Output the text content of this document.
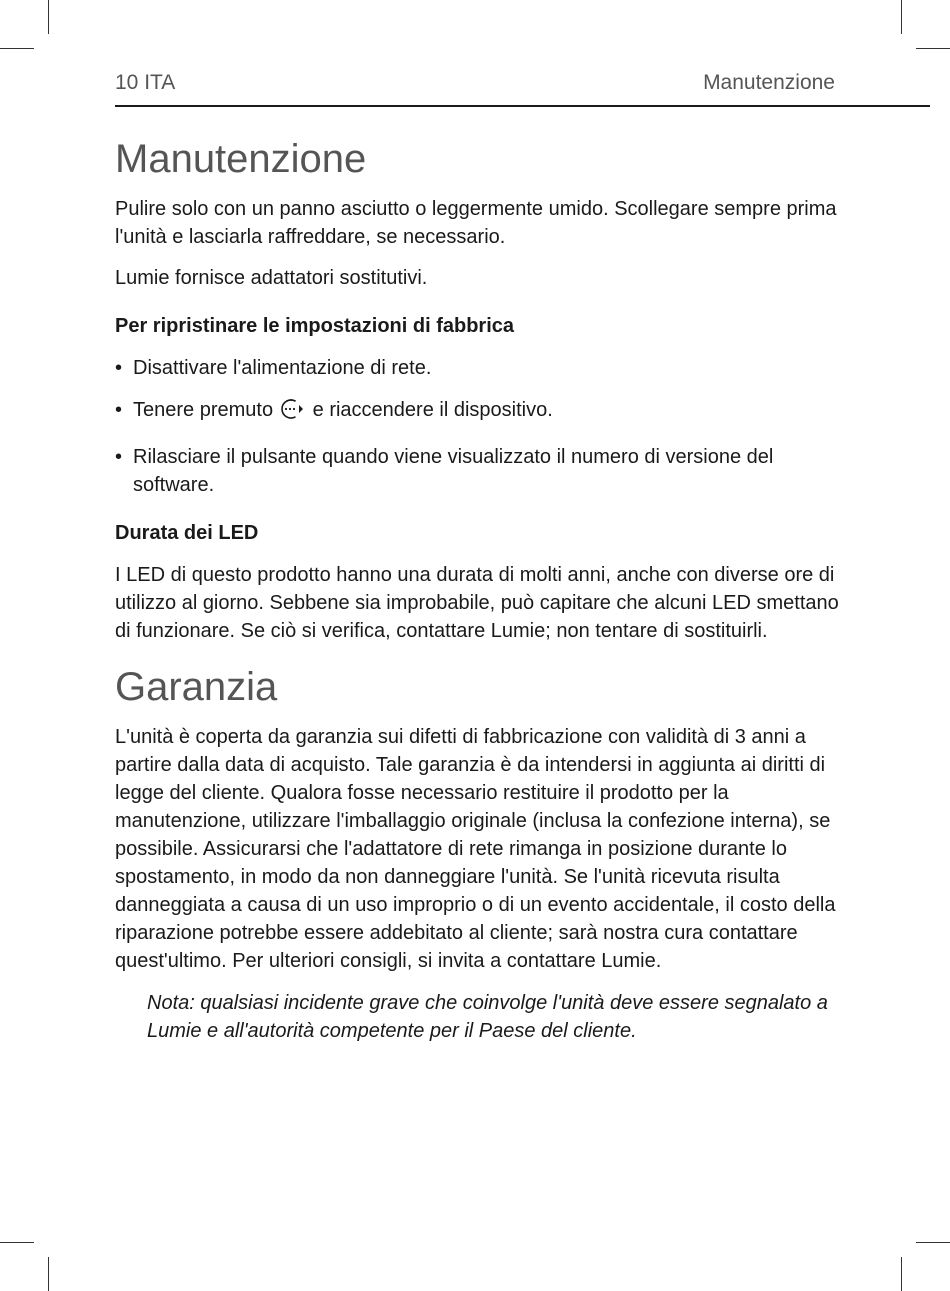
10 ITA	Manutenzione
Manutenzione

Pulire solo con un panno asciutto o leggermente umido. Scollegare sempre prima l'unità e lasciarla raffreddare, se necessario.

Lumie fornisce adattatori sostitutivi.

Per ripristinare le impostazioni di fabbrica
• Disattivare l'alimentazione di rete.
• Tenere premuto e riaccendere il dispositivo.
• Rilasciare il pulsante quando viene visualizzato il numero di versione del software.
Durata dei LED

I LED di questo prodotto hanno una durata di molti anni, anche con diverse ore di utilizzo al giorno. Sebbene sia improbabile, può capitare che alcuni LED smettano di funzionare. Se ciò si verifica, contattare Lumie; non tentare di sostituirli.

Garanzia

L'unità è coperta da garanzia sui difetti di fabbricazione con validità di 3 anni a partire dalla data di acquisto. Tale garanzia è da intendersi in aggiunta ai diritti di legge del cliente. Qualora fosse necessario restituire il prodotto per la manutenzione, utilizzare l'imballaggio originale (inclusa la confezione interna), se possibile. Assicurarsi che l'adattatore di rete rimanga in posizione durante lo spostamento, in modo da non danneggiare l'unità. Se l'unità ricevuta risulta danneggiata a causa di un uso improprio o di un evento accidentale, il costo della riparazione potrebbe essere addebitato al cliente; sarà nostra cura contattare quest'ultimo. Per ulteriori consigli, si invita a contattare Lumie.

Nota: qualsiasi incidente grave che coinvolge l'unità deve essere segnalato a Lumie e all'autorità competente per il Paese del cliente.
